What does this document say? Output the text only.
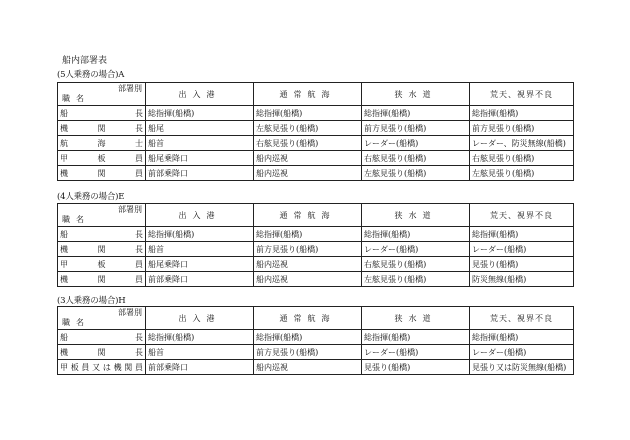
船内部署表
(5人乗務の場合)A
部署別
職名	出入港	通常航海	狭水道	荒天、視界不良
船長	総指揮(船橋)	総指揮(船橋)	総指揮(船橋)	総指揮(船橋)
機関長	船尾	左舷見張り(船橋)	前方見張り(船橋)	前方見張り(船橋)
航海士	船首	右舷見張り(船橋)	レーダー(船橋)	レーダー、防災無線(船橋)
甲板員	船尾乗降口	船内巡視	右舷見張り(船橋)	右舷見張り(船橋)
機関員	前部乗降口	船内巡視	左舷見張り(船橋)	左舷見張り(船橋)
(4人乗務の場合)E
部署別
職名	出入港	通常航海	狭水道	荒天、視界不良
船長	総指揮(船橋)	総指揮(船橋)	総指揮(船橋)	総指揮(船橋)
機関長	船首	前方見張り(船橋)	レーダー(船橋)	レーダー(船橋)
甲板員	船尾乗降口	船内巡視	右舷見張り(船橋)	見張り(船橋)
機関員	前部乗降口	船内巡視	左舷見張り(船橋)	防災無線(船橋)
(3人乗務の場合)H
部署別
職名	出入港	通常航海	狭水道	荒天、視界不良
船長	総指揮(船橋)	総指揮(船橋)	総指揮(船橋)	総指揮(船橋)
機関長	船首	前方見張り(船橋)	レーダー(船橋)	レーダー(船橋)
甲板員又は機関員	前部乗降口	船内巡視	見張り(船橋)	見張り又は防災無線(船橋)
